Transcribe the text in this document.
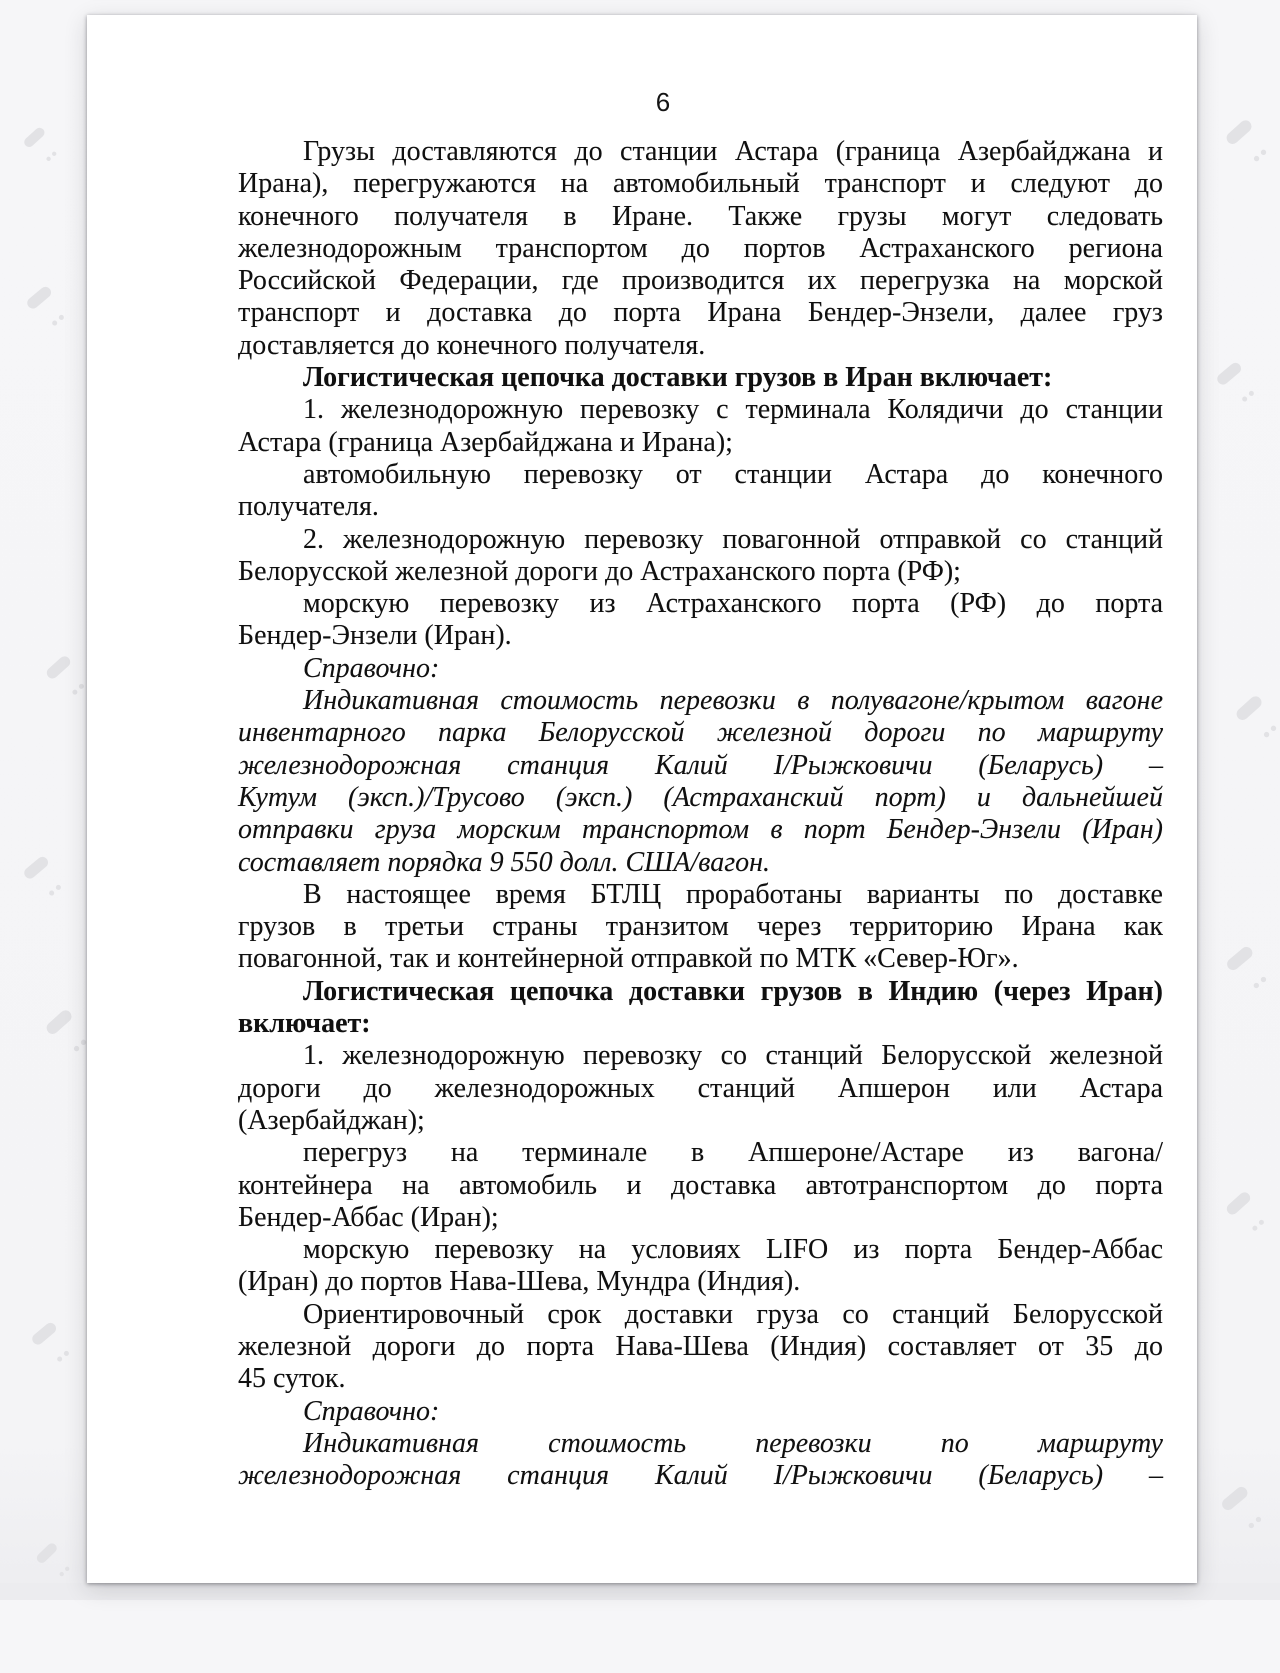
6
Грузы доставляются до станции Астара (граница Азербайджана и
Ирана), перегружаются на автомобильный транспорт и следуют до
конечного получателя в Иране. Также грузы могут следовать
железнодорожным транспортом до портов Астраханского региона
Российской Федерации, где производится их перегрузка на морской
транспорт и доставка до порта Ирана Бендер-Энзели, далее груз
доставляется до конечного получателя.
Логистическая цепочка доставки грузов в Иран включает:
1. железнодорожную перевозку с терминала Колядичи до станции
Астара (граница Азербайджана и Ирана);
автомобильную перевозку от станции Астара до конечного
получателя.
2. железнодорожную перевозку повагонной отправкой со станций
Белорусской железной дороги до Астраханского порта (РФ);
морскую перевозку из Астраханского порта (РФ) до порта
Бендер-Энзели (Иран).
Справочно:
Индикативная стоимость перевозки в полувагоне/крытом вагоне
инвентарного парка Белорусской железной дороги по маршруту
железнодорожная станция Калий I/Рыжковичи (Беларусь) –
Кутум (эксп.)/Трусово (эксп.) (Астраханский порт) и дальнейшей
отправки груза морским транспортом в порт Бендер-Энзели (Иран)
составляет порядка 9 550 долл. США/вагон.
В настоящее время БТЛЦ проработаны варианты по доставке
грузов в третьи страны транзитом через территорию Ирана как
повагонной, так и контейнерной отправкой по МТК «Север-Юг».
Логистическая цепочка доставки грузов в Индию (через Иран)
включает:
1. железнодорожную перевозку со станций Белорусской железной
дороги до железнодорожных станций Апшерон или Астара
(Азербайджан);
перегруз на терминале в Апшероне/Астаре из вагона/
контейнера на автомобиль и доставка автотранспортом до порта
Бендер-Аббас (Иран);
морскую перевозку на условиях LIFO из порта Бендер-Аббас
(Иран) до портов Нава-Шева, Мундра (Индия).
Ориентировочный срок доставки груза со станций Белорусской
железной дороги до порта Нава-Шева (Индия) составляет от 35 до
45 суток.
Справочно:
Индикативная стоимость перевозки по маршруту
железнодорожная станция Калий I/Рыжковичи (Беларусь) –
